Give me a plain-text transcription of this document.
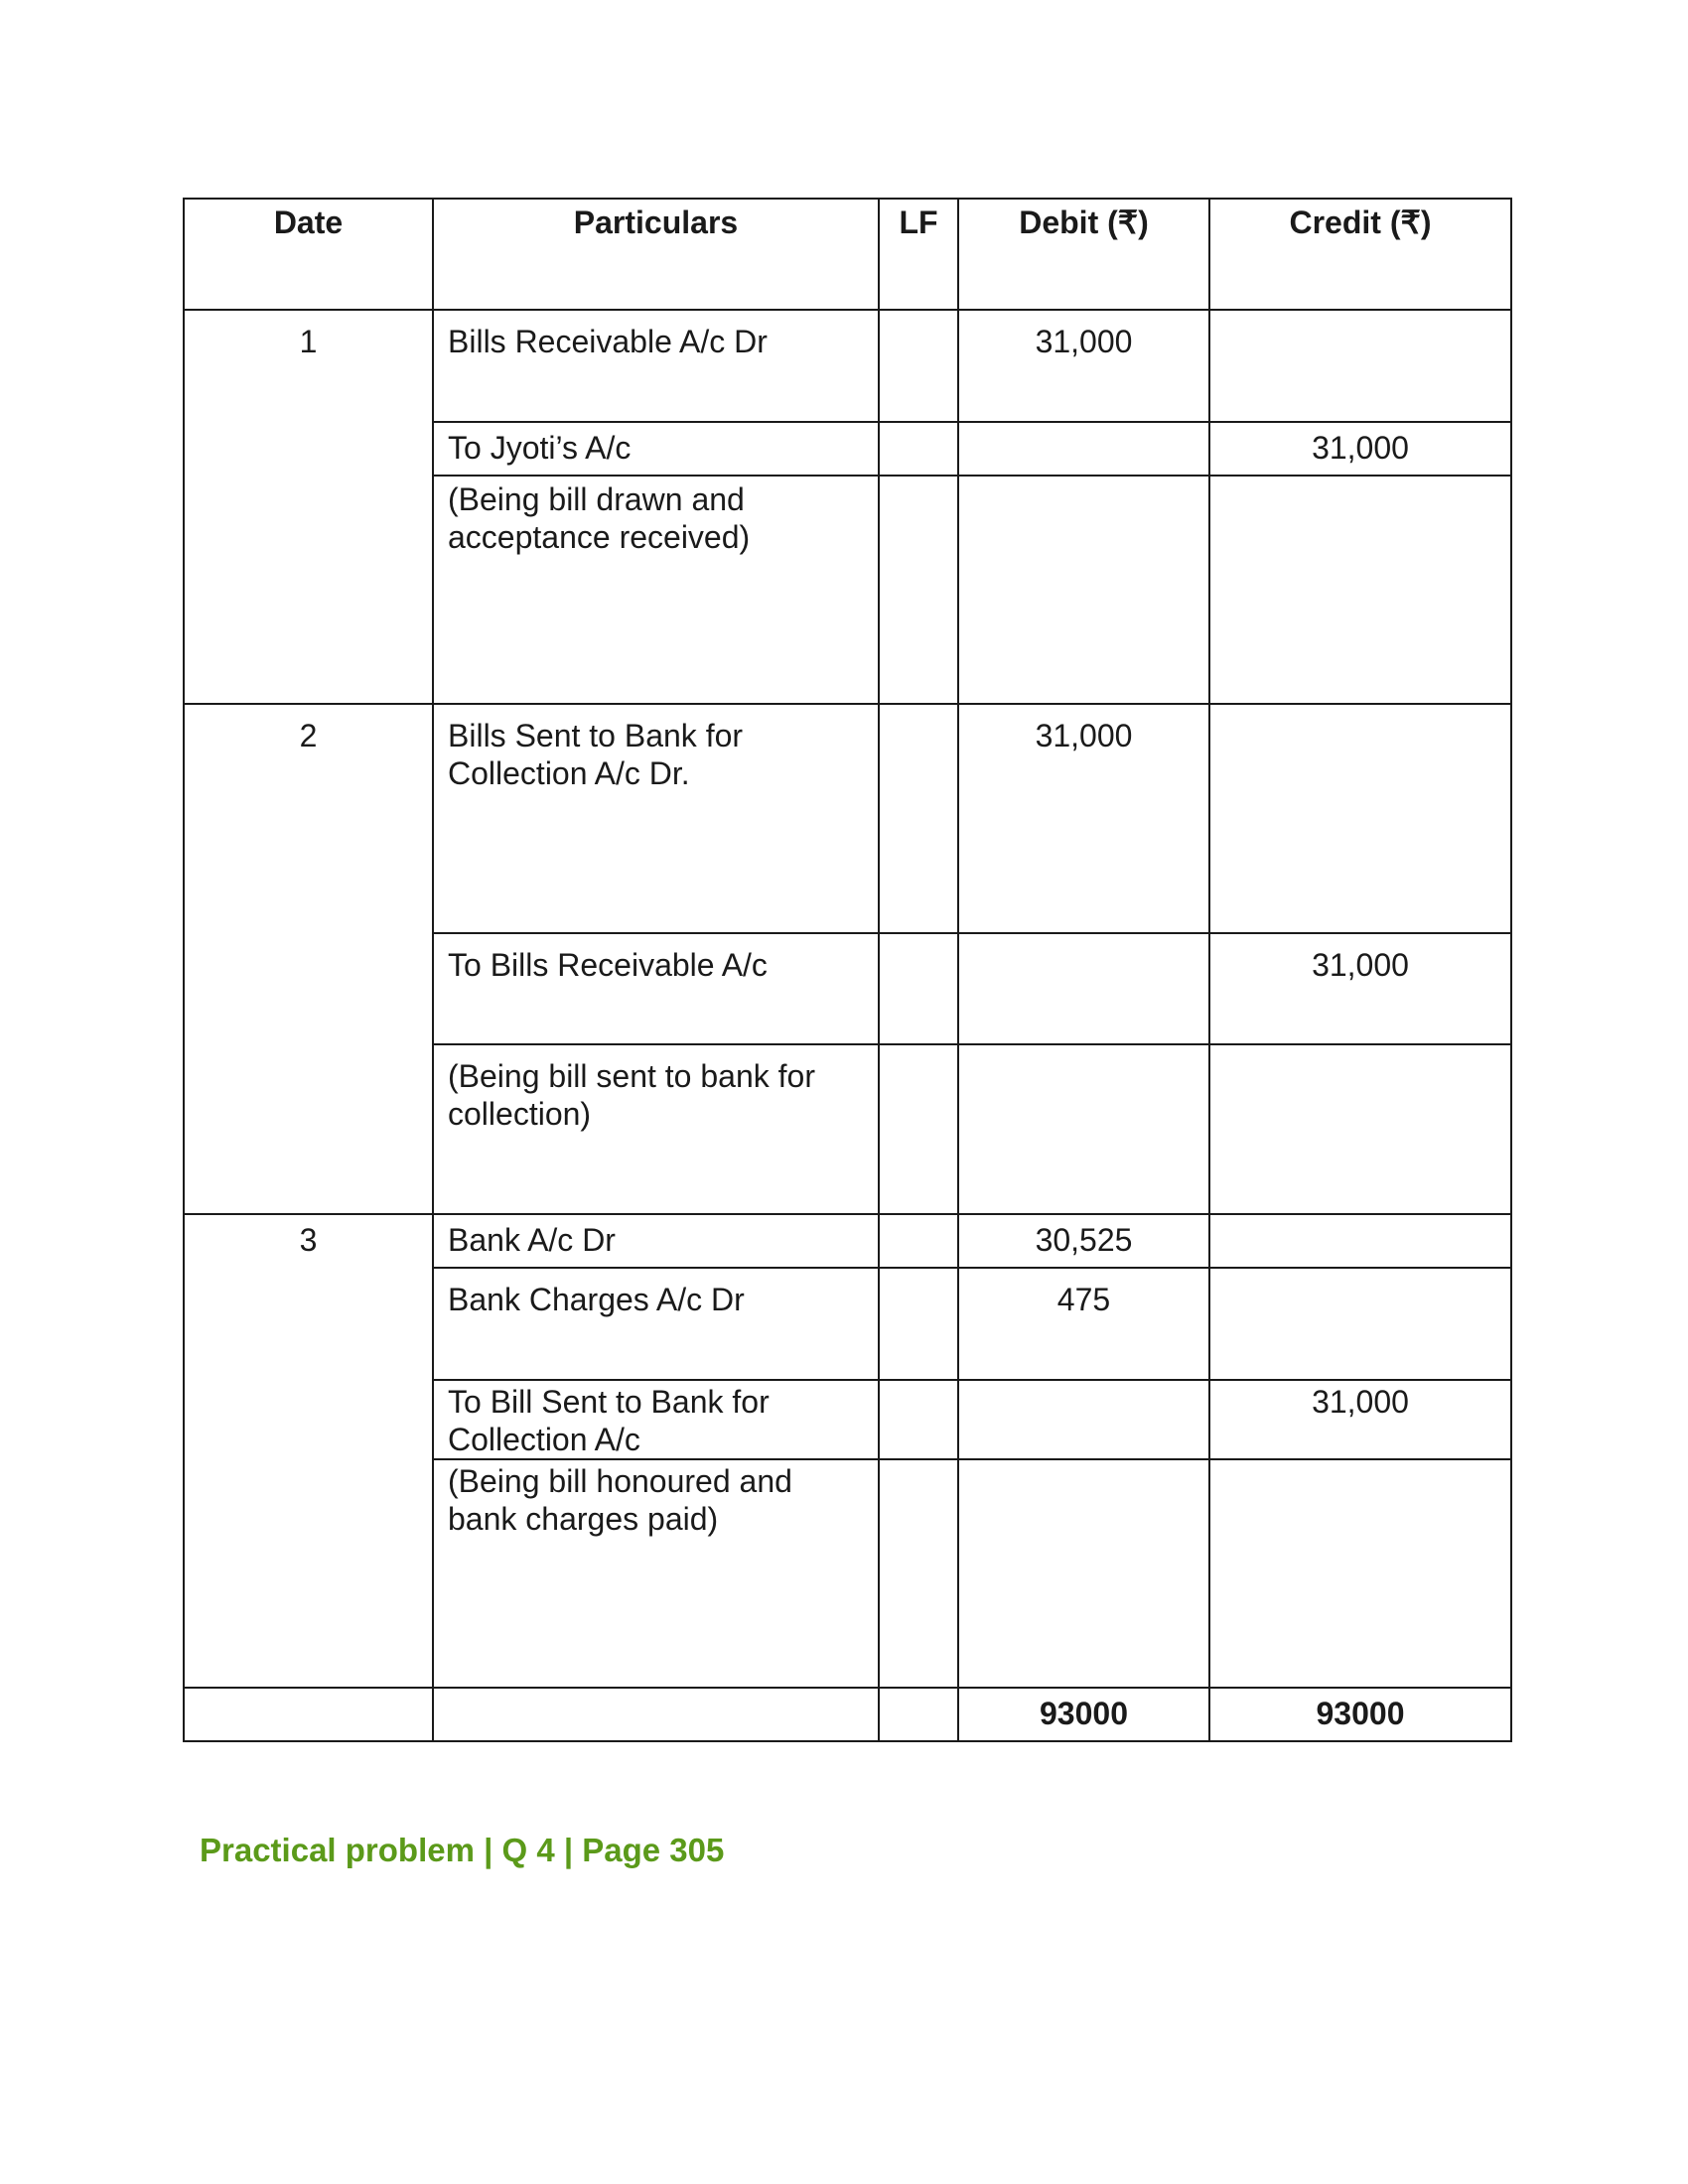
Date	Particulars	LF	Debit (₹)	Credit (₹)
1	Bills Receivable A/c Dr		31,000	
	To Jyoti’s A/c			31,000
	(Being bill drawn and acceptance received)			
2	Bills Sent to Bank for Collection A/c Dr.		31,000	
	To Bills Receivable A/c			31,000
	(Being bill sent to bank for collection)			
3	Bank A/c Dr		30,525	
	Bank Charges A/c Dr		475	
	To Bill Sent to Bank for Collection A/c			31,000
	(Being bill honoured and bank charges paid)			
			93000	93000
Practical problem | Q 4 | Page 305
